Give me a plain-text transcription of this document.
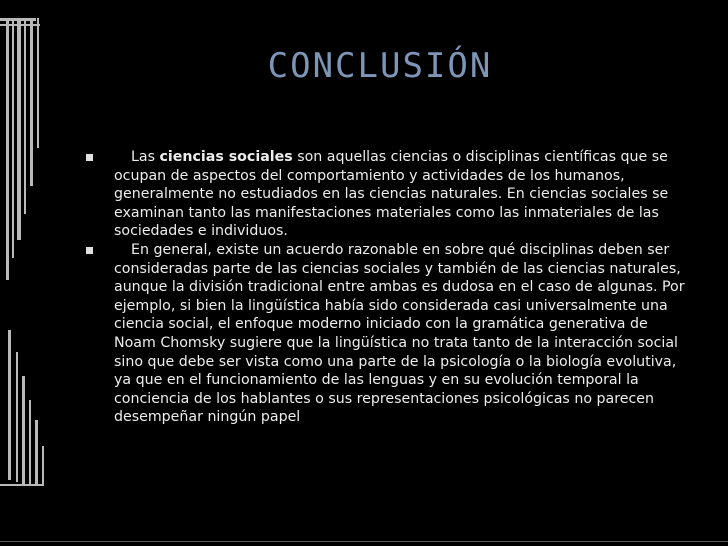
CONCLUSIÓN

Las ciencias sociales son aquellas ciencias o disciplinas científicas que se ocupan de aspectos del comportamiento y actividades de los humanos, generalmente no estudiados en las ciencias naturales. En ciencias sociales se examinan tanto las manifestaciones materiales como las inmateriales de las sociedades e individuos.

En general, existe un acuerdo razonable en sobre qué disciplinas deben ser consideradas parte de las ciencias sociales y también de las ciencias naturales, aunque la división tradicional entre ambas es dudosa en el caso de algunas. Por ejemplo, si bien la lingüística había sido considerada casi universalmente una ciencia social, el enfoque moderno iniciado con la gramática generativa de Noam Chomsky sugiere que la lingüística no trata tanto de la interacción social sino que debe ser vista como una parte de la psicología o la biología evolutiva, ya que en el funcionamiento de las lenguas y en su evolución temporal la conciencia de los hablantes o sus representaciones psicológicas no parecen desempeñar ningún papel
